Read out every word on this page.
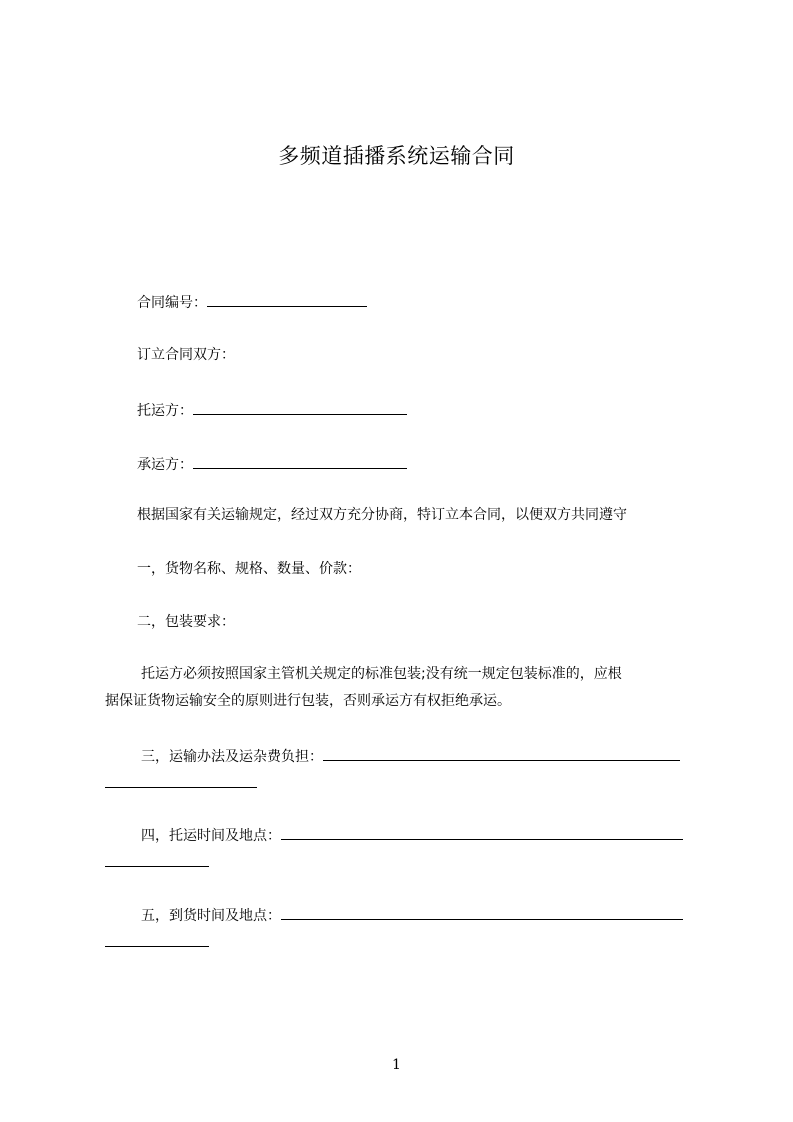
多频道插播系统运输合同
合同编号：
订立合同双方：
托运方：
承运方：
根据国家有关运输规定，经过双方充分协商，特订立本合同，以便双方共同遵守
一，货物名称、规格、数量、价款：
二，包装要求：
托运方必须按照国家主管机关规定的标准包装;没有统一规定包装标准的，应根
据保证货物运输安全的原则进行包装，否则承运方有权拒绝承运。
三，运输办法及运杂费负担：
四，托运时间及地点：
五，到货时间及地点：
1
